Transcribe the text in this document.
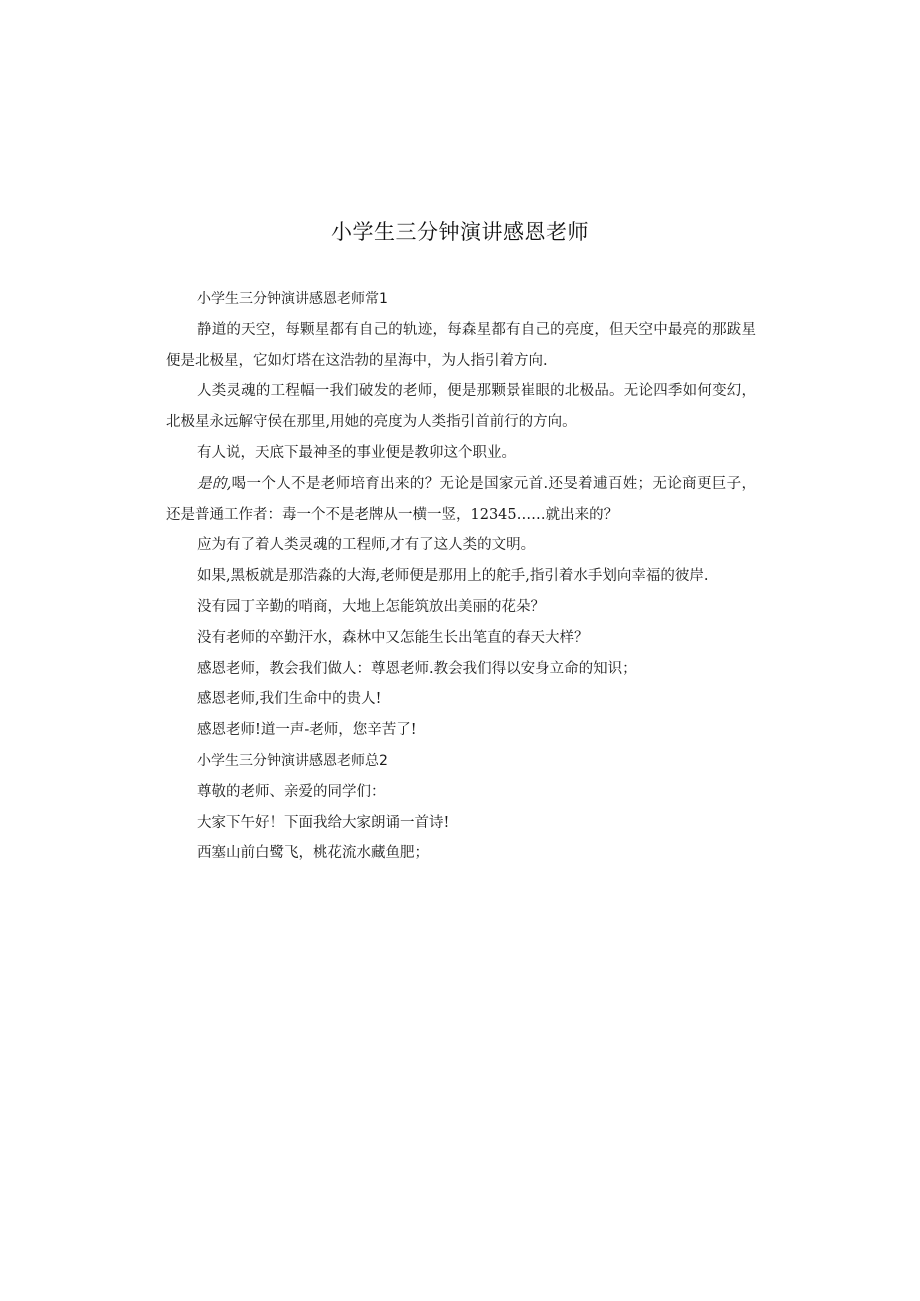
小学生三分钟演讲感恩老师

小学生三分钟演讲感恩老师常1

静道的天空，每颗星都有自己的轨迹，每森星都有自己的亮度，但天空中最亮的那跋星便是北极星，它如灯塔在这浩勃的星海中，为人指引着方向.

人类灵魂的工程幅一我们破发的老师，便是那颗景崔眼的北极品。无论四季如何变幻，北极星永远解守侯在那里,用她的亮度为人类指引首前行的方向。

有人说，天底下最神圣的事业便是教卯这个职业。

是的,喝一个人不是老师培育出来的？无论是国家元首.还旻着逋百姓；无论商更巨子，还是普通工作者：毒一个不是老牌从一横一竖，12345……就出来的？

应为有了着人类灵魂的工程师,才有了这人类的文明。

如果,黑板就是那浩淼的大海,老师便是那用上的舵手,指引着水手划向幸福的彼岸.

没有园丁辛勤的哨商，大地上怎能筑放出美丽的花朵？

没有老师的卒勤汗水，森林中又怎能生长出笔直的春天大样？

感恩老师，教会我们做人：尊恩老师.教会我们得以安身立命的知识；

感恩老师,我们生命中的贵人!

感恩老师!道一声-老师，您辛苦了!

小学生三分钟演讲感恩老师总2

尊敬的老师、亲爱的同学们：

大家下午好！下面我给大家朗诵一首诗!

西塞山前白鹭飞，桃花流水藏鱼肥；
